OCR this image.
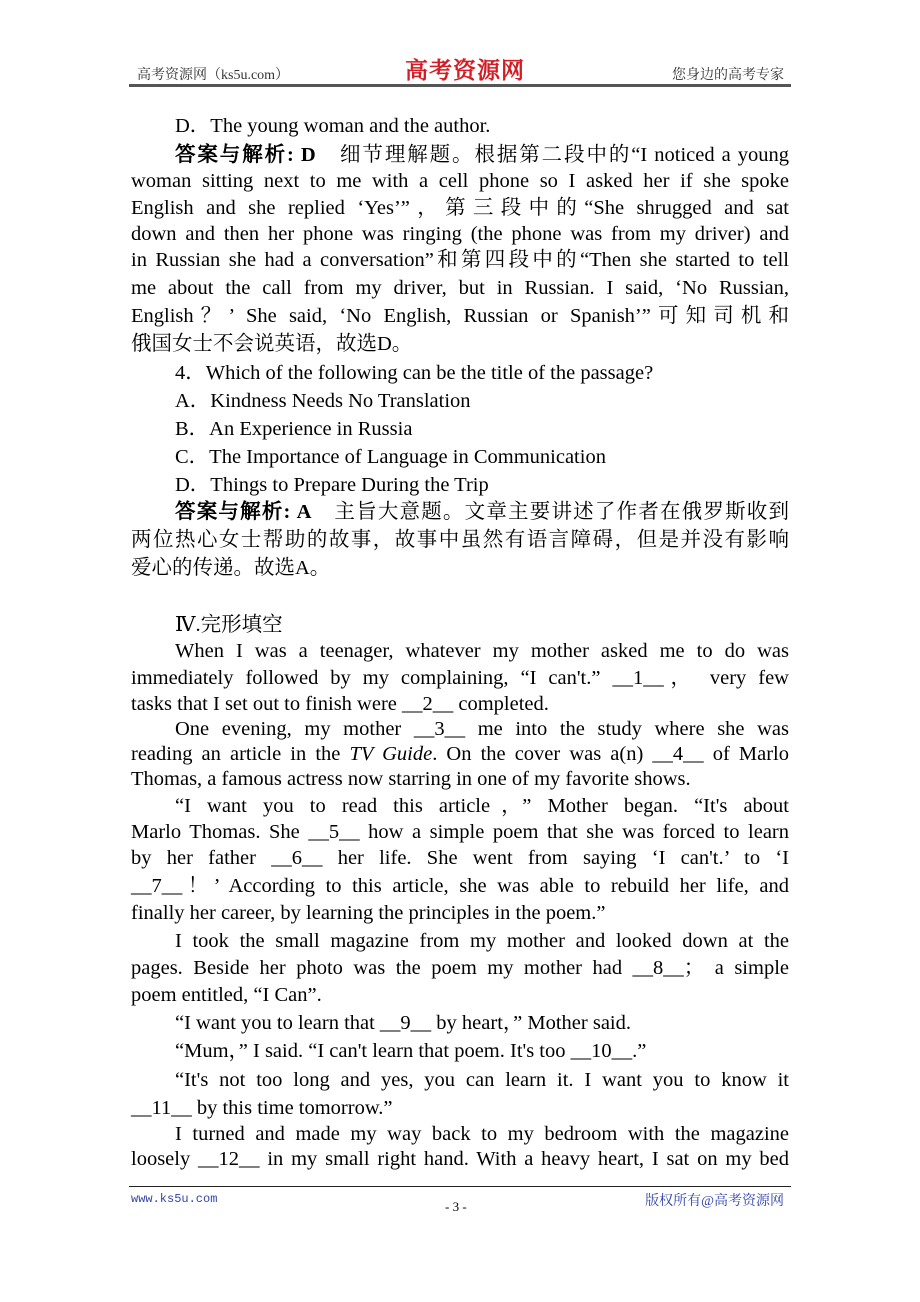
高考资源网（ks5u.com）	高考资源网	您身边的高考专家
D．The young woman and the author.
答案与解析: D　细节理解题。根据第二段中的“I noticed a young
woman sitting next to me with a cell phone so I asked her if she spoke
English and she replied ‘Yes’”，第三段中的“She shrugged and sat
down and then her phone was ringing (the phone was from my driver) and
in Russian she had a conversation”和第四段中的“Then she started to tell
me about the call from my driver, but in Russian. I said, ‘No Russian,
English？’ She said, ‘No English, Russian or Spanish’”可知司机和
俄国女士不会说英语，故选D。
4．Which of the following can be the title of the passage?
A．Kindness Needs No Translation
B．An Experience in Russia
C．The Importance of Language in Communication
D．Things to Prepare During the Trip
答案与解析: A　主旨大意题。文章主要讲述了作者在俄罗斯收到
两位热心女士帮助的故事，故事中虽然有语言障碍，但是并没有影响
爱心的传递。故选A。
Ⅳ.完形填空
When I was a teenager, whatever my mother asked me to do was
immediately followed by my complaining, “I can't.” __1__， very few
tasks that I set out to finish were __2__ completed.
One evening, my mother __3__ me into the study where she was
reading an article in the TV Guide. On the cover was a(n) __4__ of Marlo
Thomas, a famous actress now starring in one of my favorite shows.
“I want you to read this article，” Mother began. “It's about
Marlo Thomas. She __5__ how a simple poem that she was forced to learn
by her father __6__ her life. She went from saying ‘I can't.’ to ‘I
__7__！’ According to this article, she was able to rebuild her life, and
finally her career, by learning the principles in the poem.”
I took the small magazine from my mother and looked down at the
pages. Beside her photo was the poem my mother had __8__； a simple
poem entitled, “I Can”.
“I want you to learn that __9__ by heart，” Mother said.
“Mum，” I said. “I can't learn that poem. It's too __10__.”
“It's not too long and yes, you can learn it. I want you to know it
__11__ by this time tomorrow.”
I turned and made my way back to my bedroom with the magazine
loosely __12__ in my small right hand. With a heavy heart, I sat on my bed
www.ks5u.com	- 3 -	版权所有@高考资源网
